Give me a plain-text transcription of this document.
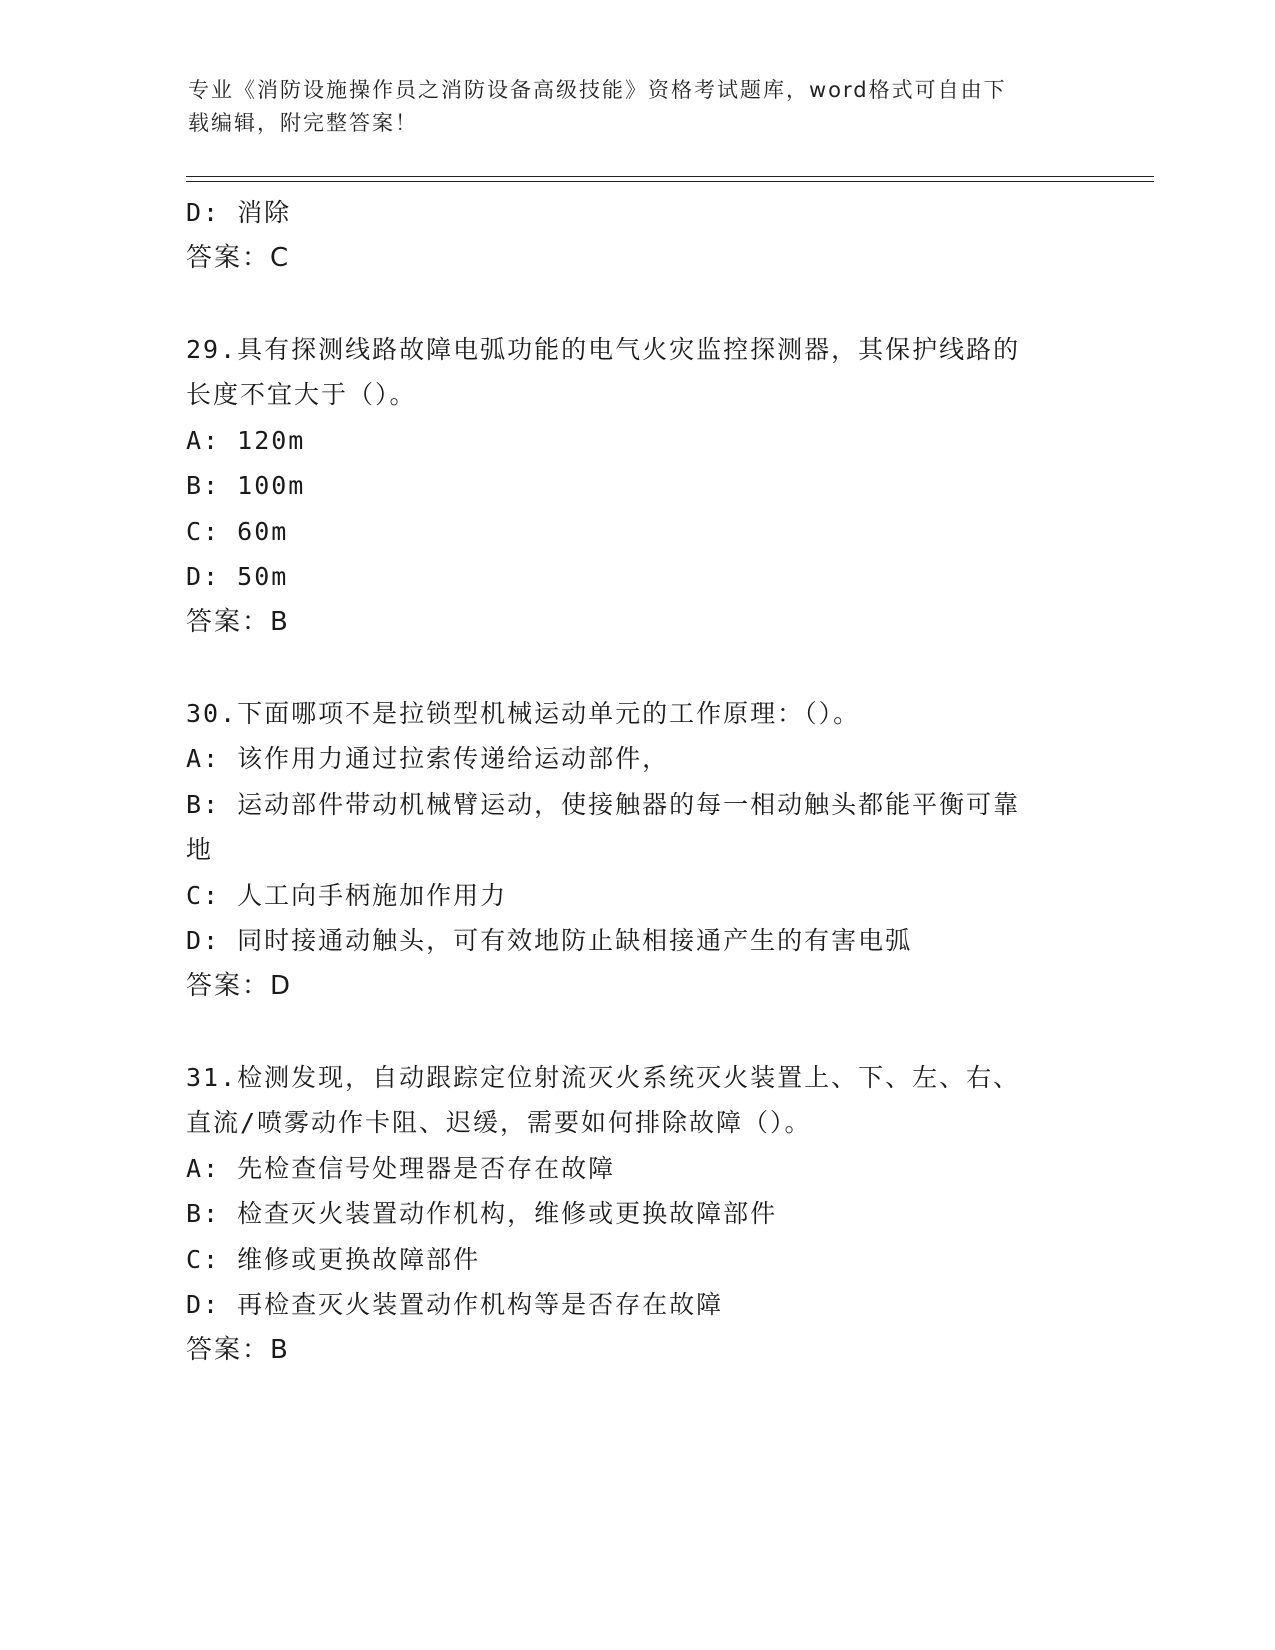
专业《消防设施操作员之消防设备高级技能》资格考试题库，word格式可自由下
载编辑，附完整答案！
D: 消除
答案：C
29.具有探测线路故障电弧功能的电气火灾监控探测器，其保护线路的
长度不宜大于（）。
A: 120m
B: 100m
C: 60m
D: 50m
答案：B
30.下面哪项不是拉锁型机械运动单元的工作原理：（）。
A: 该作用力通过拉索传递给运动部件，
B: 运动部件带动机械臂运动，使接触器的每一相动触头都能平衡可靠
地
C: 人工向手柄施加作用力
D: 同时接通动触头，可有效地防止缺相接通产生的有害电弧
答案：D
31.检测发现，自动跟踪定位射流灭火系统灭火装置上、下、左、右、
直流/喷雾动作卡阻、迟缓，需要如何排除故障（）。
A: 先检查信号处理器是否存在故障
B: 检查灭火装置动作机构，维修或更换故障部件
C: 维修或更换故障部件
D: 再检查灭火装置动作机构等是否存在故障
答案：B
